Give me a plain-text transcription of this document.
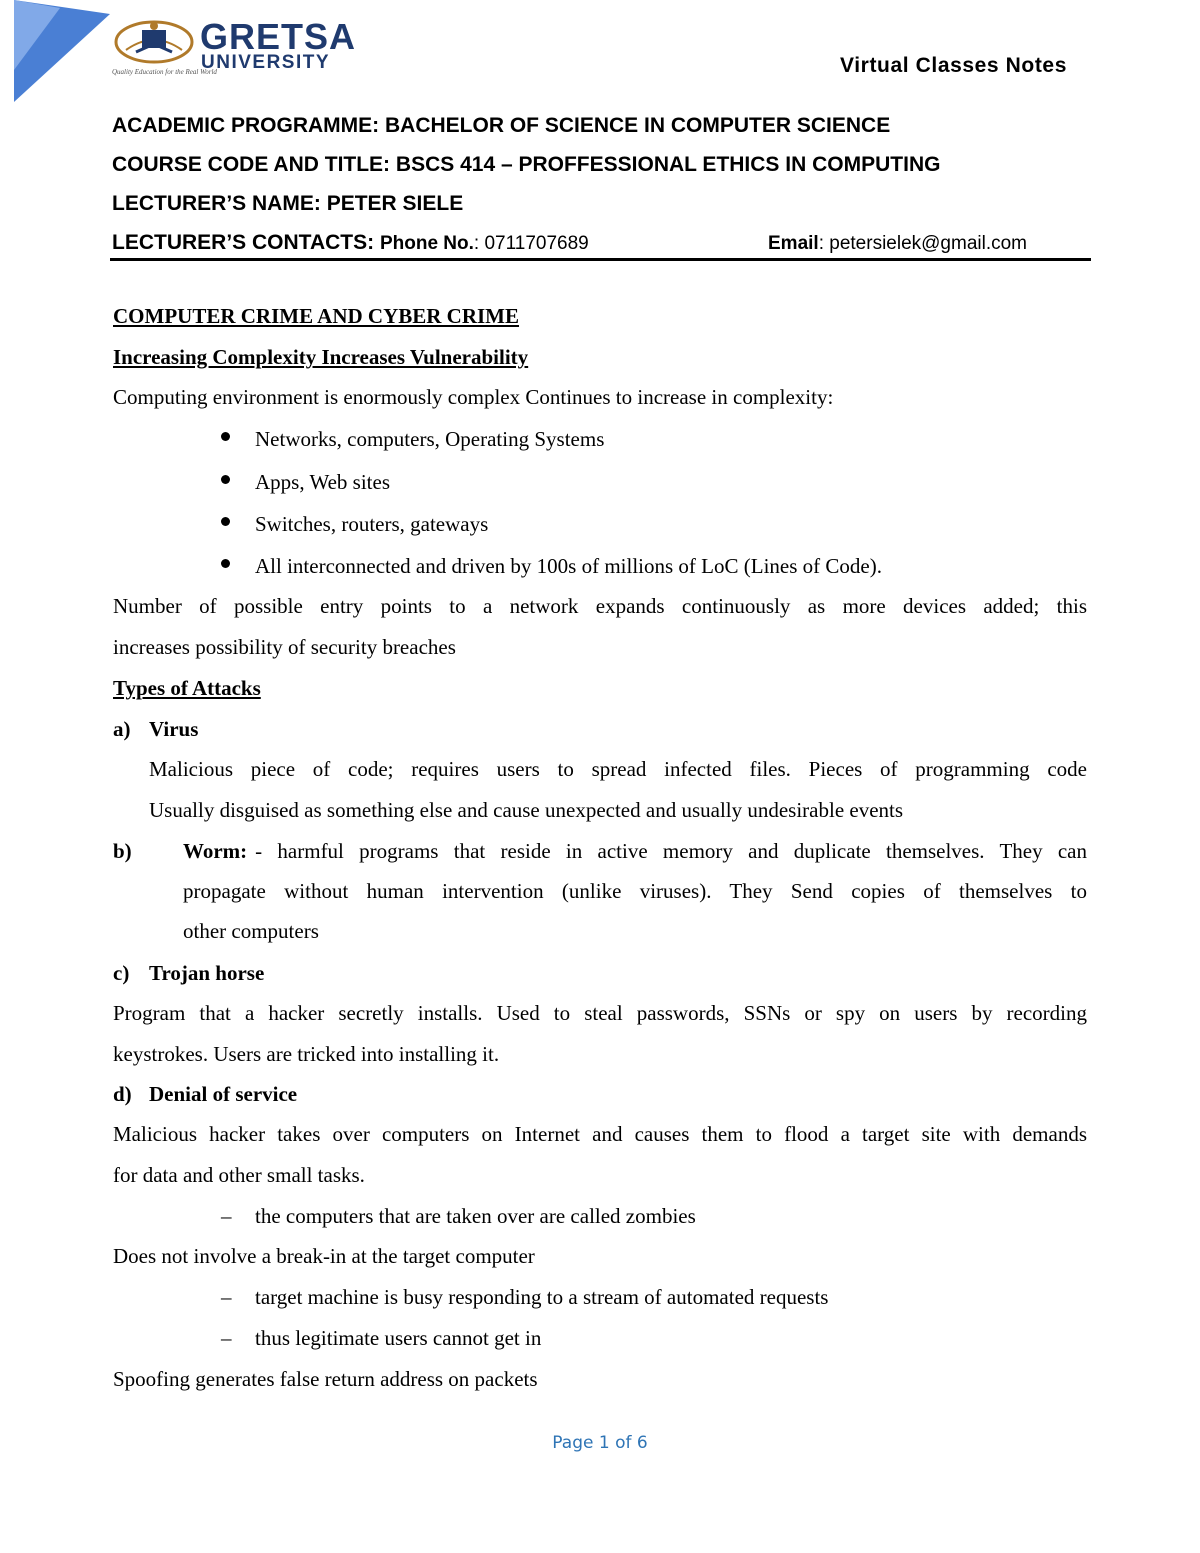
GRETSA
UNIVERSITY
Quality Education for the Real World	Virtual Classes Notes
ACADEMIC PROGRAMME: BACHELOR OF SCIENCE IN COMPUTER SCIENCE
COURSE CODE AND TITLE: BSCS 414 – PROFFESSIONAL ETHICS IN COMPUTING
LECTURER’S NAME: PETER SIELE
LECTURER’S CONTACTS: Phone No.: 0711707689	Email: petersielek@gmail.com
COMPUTER CRIME AND CYBER CRIME
Increasing Complexity Increases Vulnerability
Computing environment is enormously complex Continues to increase in complexity:
Networks, computers, Operating Systems
Apps, Web sites
Switches, routers, gateways
All interconnected and driven by 100s of millions of LoC (Lines of Code).
Number of possible entry points to a network expands continuously as more devices added; this
increases possibility of security breaches
Types of Attacks
a) Virus
Malicious piece of code; requires users to spread infected files. Pieces of programming code
Usually disguised as something else and cause unexpected and usually undesirable events
b) Worm: - harmful programs that reside in active memory and duplicate themselves. They can
propagate without human intervention (unlike viruses). They Send copies of themselves to
other computers
c) Trojan horse
Program that a hacker secretly installs. Used to steal passwords, SSNs or spy on users by recording
keystrokes. Users are tricked into installing it.
d) Denial of service
Malicious hacker takes over computers on Internet and causes them to flood a target site with demands
for data and other small tasks.
– the computers that are taken over are called zombies
Does not involve a break-in at the target computer
– target machine is busy responding to a stream of automated requests
– thus legitimate users cannot get in
Spoofing generates false return address on packets
Page 1 of 6
